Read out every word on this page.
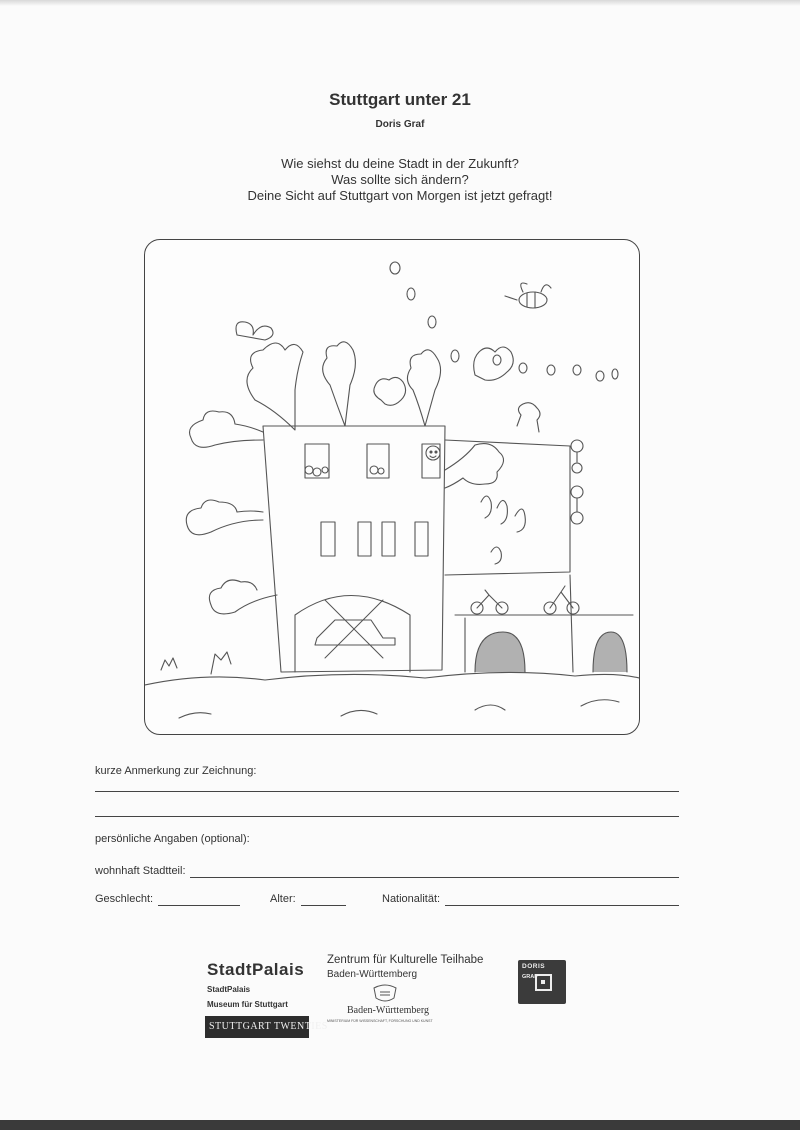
Stuttgart unter 21
Doris Graf
Wie siehst du deine Stadt in der Zukunft?
Was sollte sich ändern?
Deine Sicht auf Stuttgart von Morgen ist jetzt gefragt!
kurze Anmerkung zur Zeichnung:
persönliche Angaben (optional):
wohnhaft Stadtteil:
Geschlecht:	Alter:	Nationalität:
StadtPalais
StadtPalais
Museum für Stuttgart
STUTTGART TWENTIES
Zentrum für Kulturelle Teilhabe
Baden-Württemberg
Baden-Württemberg
MINISTERIUM FÜR WISSENSCHAFT, FORSCHUNG UND KUNST
DORIS
GRAF
